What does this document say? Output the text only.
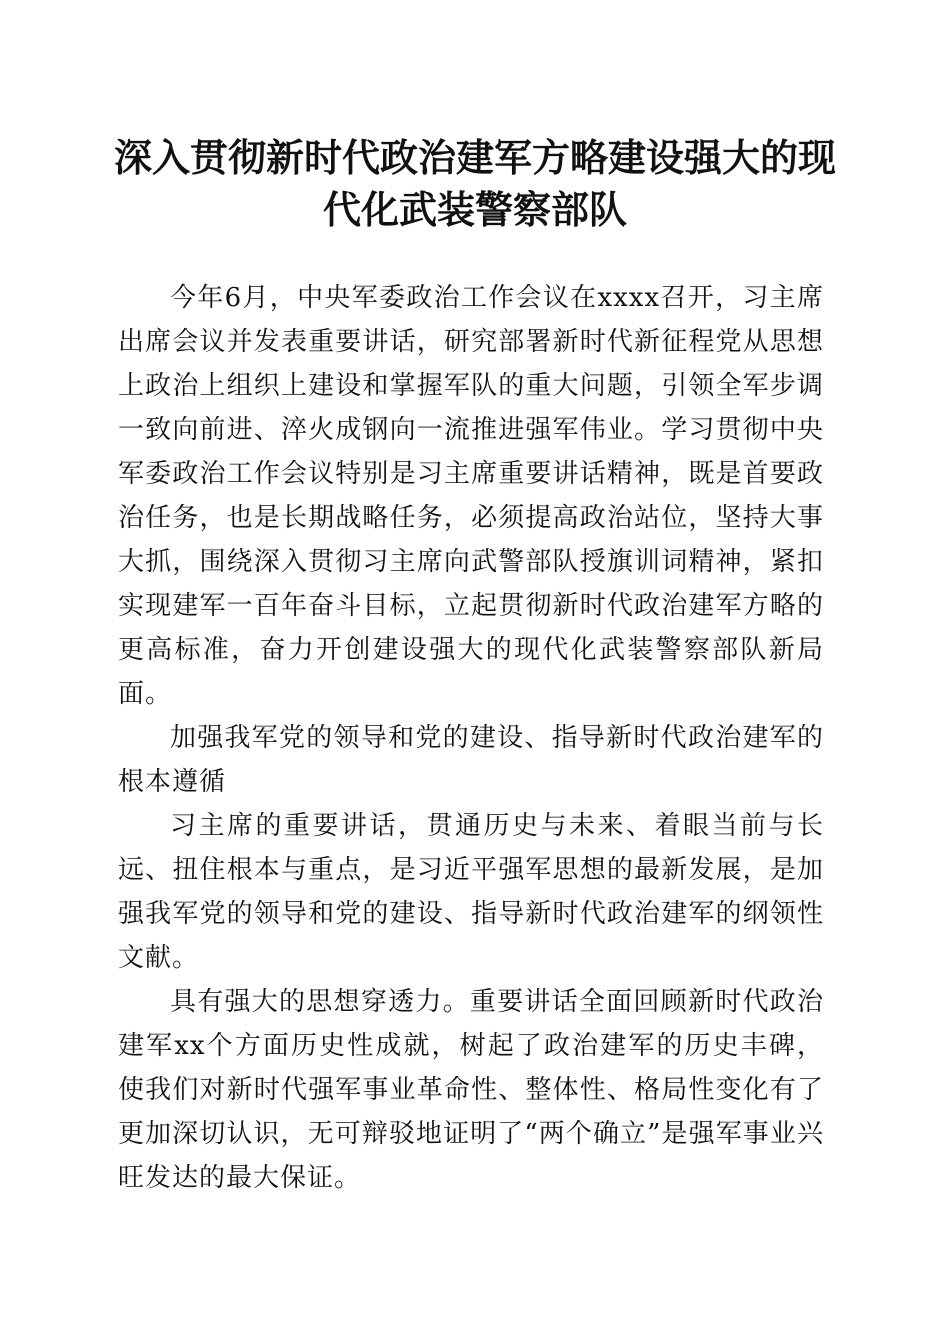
深入贯彻新时代政治建军方略建设强大的现代化武装警察部队

今年6月，中央军委政治工作会议在xxxx召开，习主席出席会议并发表重要讲话，研究部署新时代新征程党从思想上政治上组织上建设和掌握军队的重大问题，引领全军步调一致向前进、淬火成钢向一流推进强军伟业。学习贯彻中央军委政治工作会议特别是习主席重要讲话精神，既是首要政治任务，也是长期战略任务，必须提高政治站位，坚持大事大抓，围绕深入贯彻习主席向武警部队授旗训词精神，紧扣实现建军一百年奋斗目标，立起贯彻新时代政治建军方略的更高标准，奋力开创建设强大的现代化武装警察部队新局面。

加强我军党的领导和党的建设、指导新时代政治建军的根本遵循

习主席的重要讲话，贯通历史与未来、着眼当前与长远、扭住根本与重点，是习近平强军思想的最新发展，是加强我军党的领导和党的建设、指导新时代政治建军的纲领性文献。

具有强大的思想穿透力。重要讲话全面回顾新时代政治建军xx个方面历史性成就，树起了政治建军的历史丰碑，使我们对新时代强军事业革命性、整体性、格局性变化有了更加深切认识，无可辩驳地证明了“两个确立”是强军事业兴旺发达的最大保证。
